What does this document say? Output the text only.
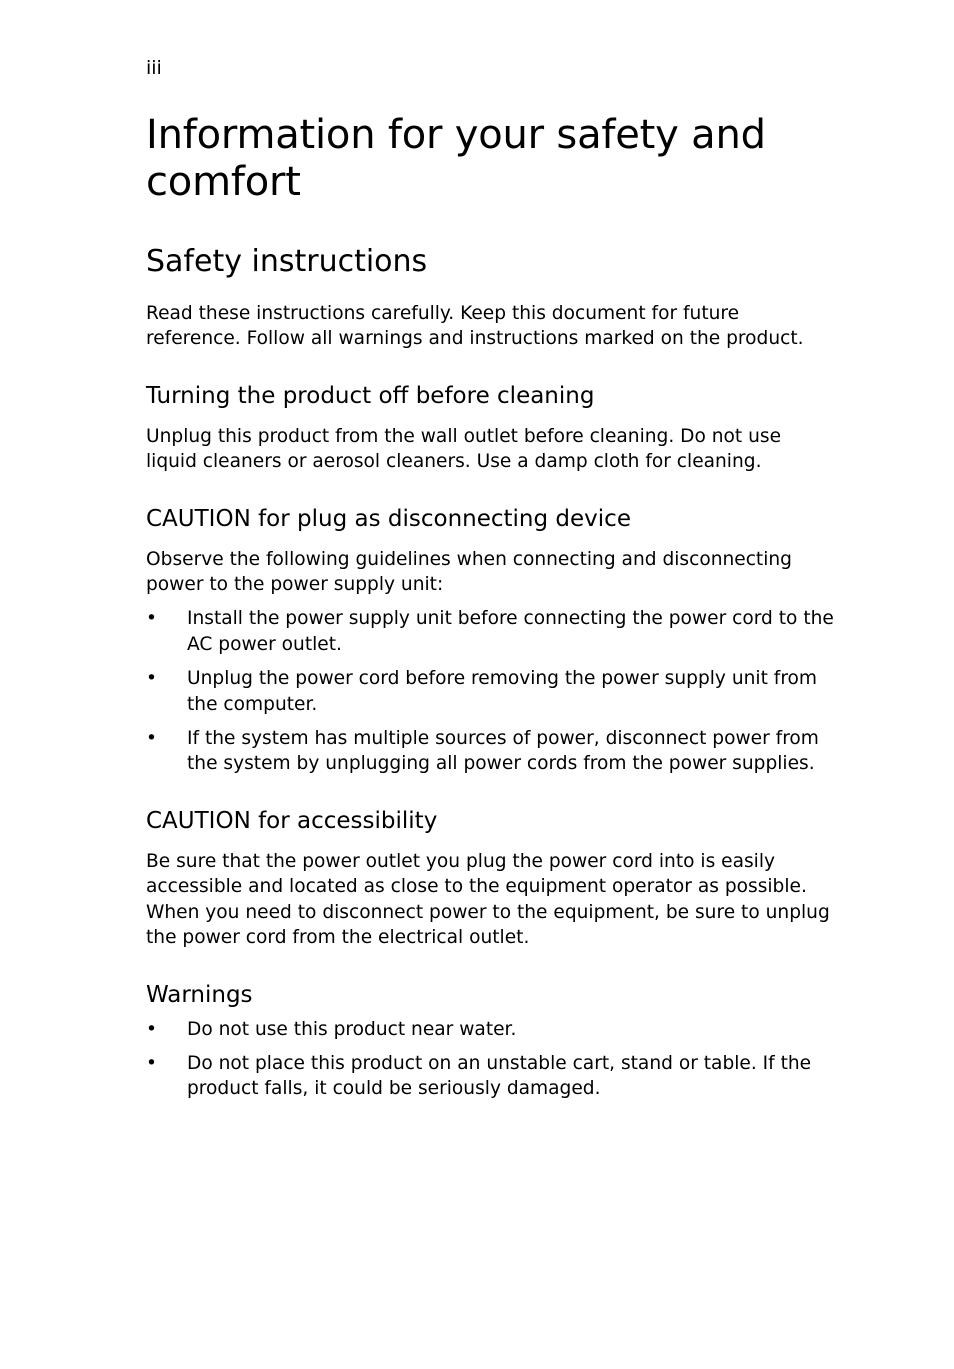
iii
Information for your safety and comfort
Safety instructions

Read these instructions carefully. Keep this document for future reference. Follow all warnings and instructions marked on the product.

Turning the product off before cleaning

Unplug this product from the wall outlet before cleaning. Do not use liquid cleaners or aerosol cleaners. Use a damp cloth for cleaning.

CAUTION for plug as disconnecting device

Observe the following guidelines when connecting and disconnecting power to the power supply unit:

• Install the power supply unit before connecting the power cord to the AC power outlet.
• Unplug the power cord before removing the power supply unit from the computer.
• If the system has multiple sources of power, disconnect power from the system by unplugging all power cords from the power supplies.
CAUTION for accessibility

Be sure that the power outlet you plug the power cord into is easily accessible and located as close to the equipment operator as possible. When you need to disconnect power to the equipment, be sure to unplug the power cord from the electrical outlet.

Warnings
• Do not use this product near water.
• Do not place this product on an unstable cart, stand or table. If the product falls, it could be seriously damaged.
